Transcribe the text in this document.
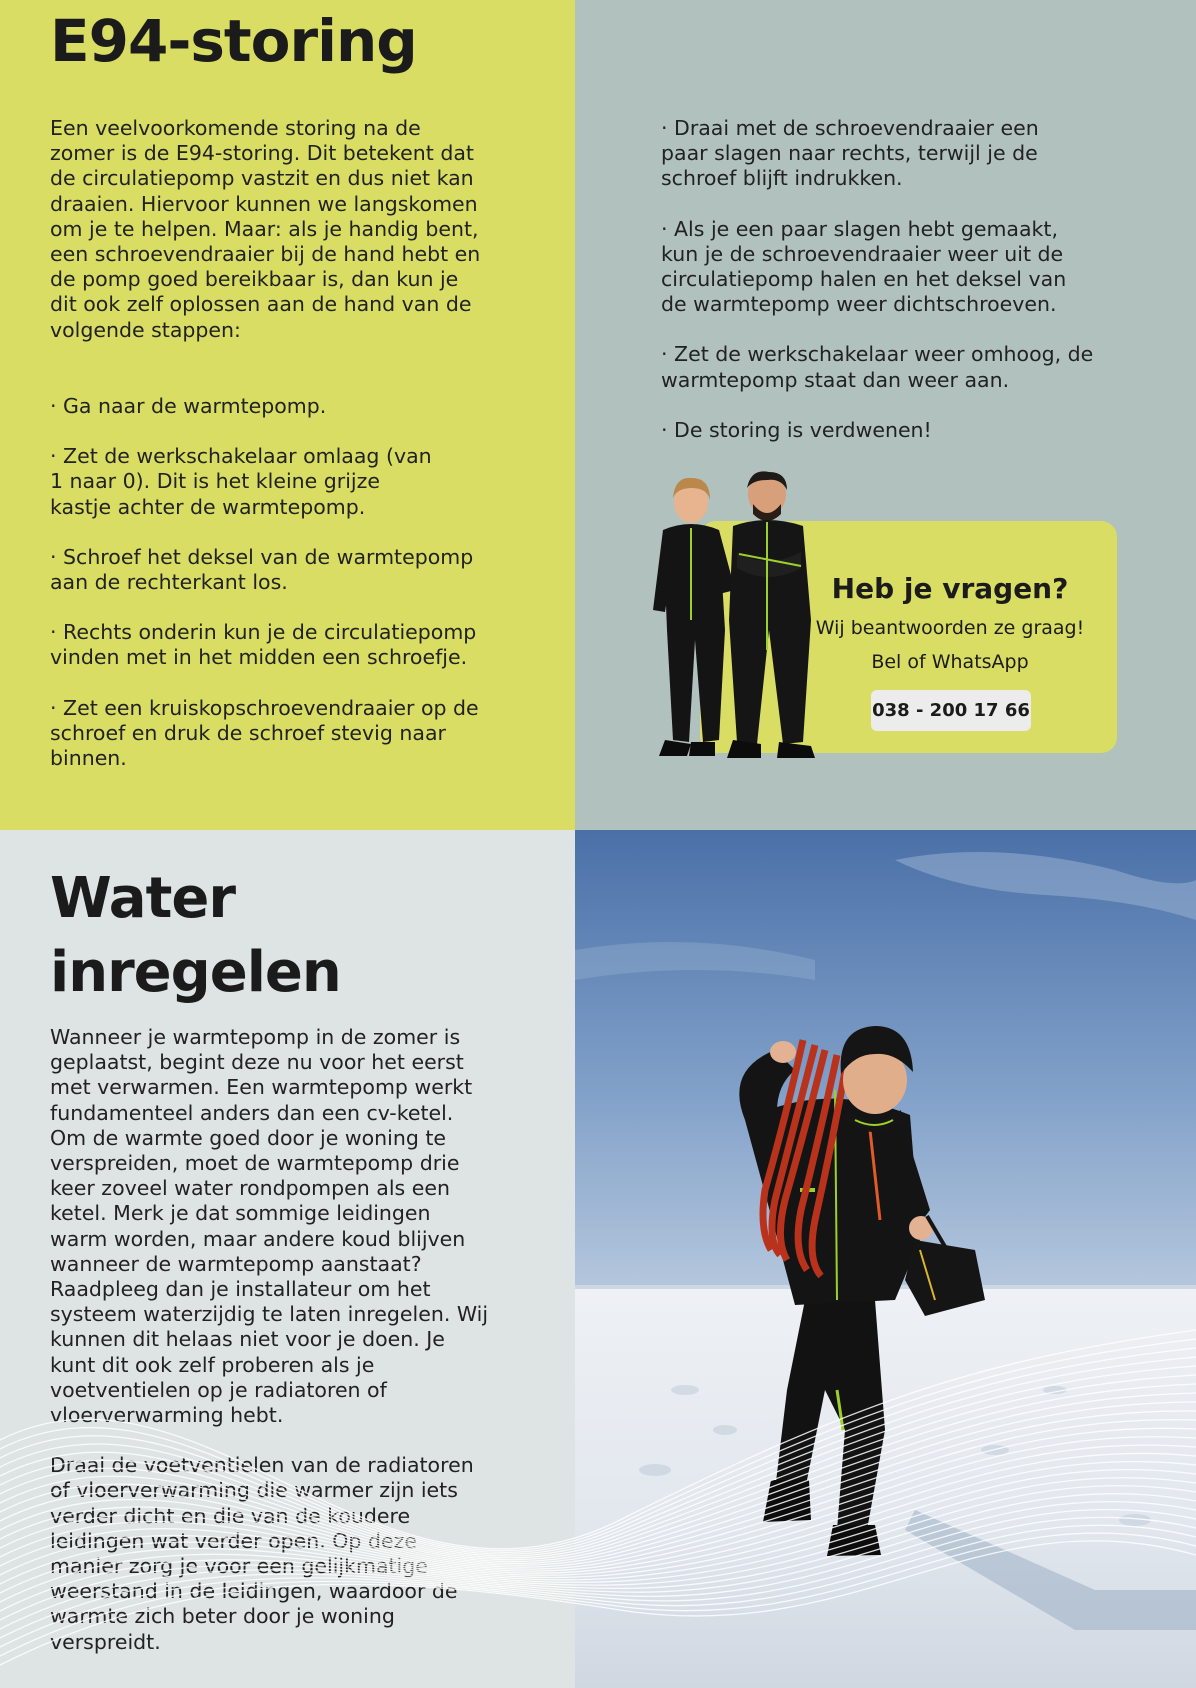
E94-storing

Een veelvoorkomende storing na de zomer is de E94-storing. Dit betekent dat de circulatiepomp vastzit en dus niet kan draaien. Hiervoor kunnen we langskomen om je te helpen. Maar: als je handig bent, een schroevendraaier bij de hand hebt en de pomp goed bereikbaar is, dan kun je dit ook zelf oplossen aan de hand van de volgende stappen:

· Ga naar de warmtepomp.

· Zet de werkschakelaar omlaag (van 1 naar 0). Dit is het kleine grijze kastje achter de warmtepomp.

· Schroef het deksel van de warmtepomp aan de rechterkant los.

· Rechts onderin kun je de circulatiepomp vinden met in het midden een schroefje.

· Zet een kruiskopschroevendraaier op de schroef en druk de schroef stevig naar binnen.

· Draai met de schroevendraaier een paar slagen naar rechts, terwijl je de schroef blijft indrukken.

· Als je een paar slagen hebt gemaakt, kun je de schroevendraaier weer uit de circulatiepomp halen en het deksel van de warmtepomp weer dichtschroeven.

· Zet de werkschakelaar weer omhoog, de warmtepomp staat dan weer aan.

· De storing is verdwenen!

Heb je vragen?
Wij beantwoorden ze graag!
Bel of WhatsApp
038 - 200 17 66
Water inregelen

Wanneer je warmtepomp in de zomer is geplaatst, begint deze nu voor het eerst met verwarmen. Een warmtepomp werkt fundamenteel anders dan een cv-ketel. Om de warmte goed door je woning te verspreiden, moet de warmtepomp drie keer zoveel water rondpompen als een ketel. Merk je dat sommige leidingen warm worden, maar andere koud blijven wanneer de warmtepomp aanstaat? Raadpleeg dan je installateur om het systeem waterzijdig te laten inregelen. Wij kunnen dit helaas niet voor je doen. Je kunt dit ook zelf proberen als je voetventielen op je radiatoren of vloerverwarming hebt.

Draai de voetventielen van de radiatoren of vloerverwarming die warmer zijn iets verder dicht en die van de koudere leidingen wat verder open. Op deze manier zorg je voor een gelijkmatige weerstand in de leidingen, waardoor de warmte zich beter door je woning verspreidt.
